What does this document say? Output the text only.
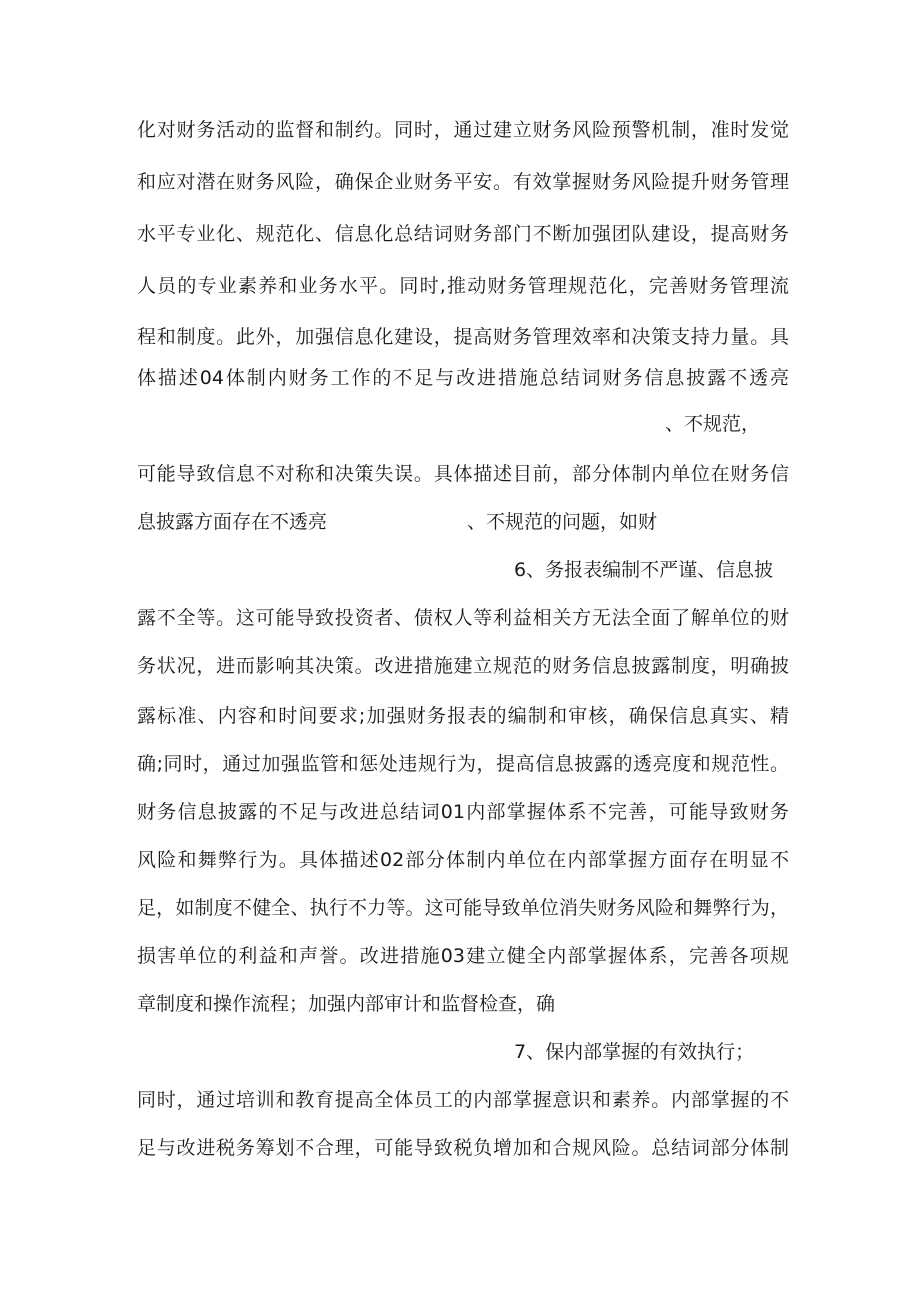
化对财务活动的监督和制约。同时，通过建立财务风险预警机制，准时发觉
和应对潜在财务风险，确保企业财务平安。有效掌握财务风险提升财务管理
水平专业化、规范化、信息化总结词财务部门不断加强团队建设，提高财务
人员的专业素养和业务水平。同时,推动财务管理规范化，完善财务管理流
程和制度。此外，加强信息化建设，提高财务管理效率和决策支持力量。具
体描述04体制内财务工作的不足与改进措施总结词财务信息披露不透亮
、不规范，
可能导致信息不对称和决策失误。具体描述目前，部分体制内单位在财务信
息披露方面存在不透亮	、不规范的问题，如财
6、务报表编制不严谨、信息披
露不全等。这可能导致投资者、债权人等利益相关方无法全面了解单位的财
务状况，进而影响其决策。改进措施建立规范的财务信息披露制度，明确披
露标准、内容和时间要求;加强财务报表的编制和审核，确保信息真实、精
确;同时，通过加强监管和惩处违规行为，提高信息披露的透亮度和规范性。
财务信息披露的不足与改进总结词01内部掌握体系不完善，可能导致财务
风险和舞弊行为。具体描述02部分体制内单位在内部掌握方面存在明显不
足，如制度不健全、执行不力等。这可能导致单位消失财务风险和舞弊行为，
损害单位的利益和声誉。改进措施03建立健全内部掌握体系，完善各项规
章制度和操作流程；加强内部审计和监督检查，确
7、保内部掌握的有效执行；
同时，通过培训和教育提高全体员工的内部掌握意识和素养。内部掌握的不
足与改进税务筹划不合理，可能导致税负增加和合规风险。总结词部分体制
